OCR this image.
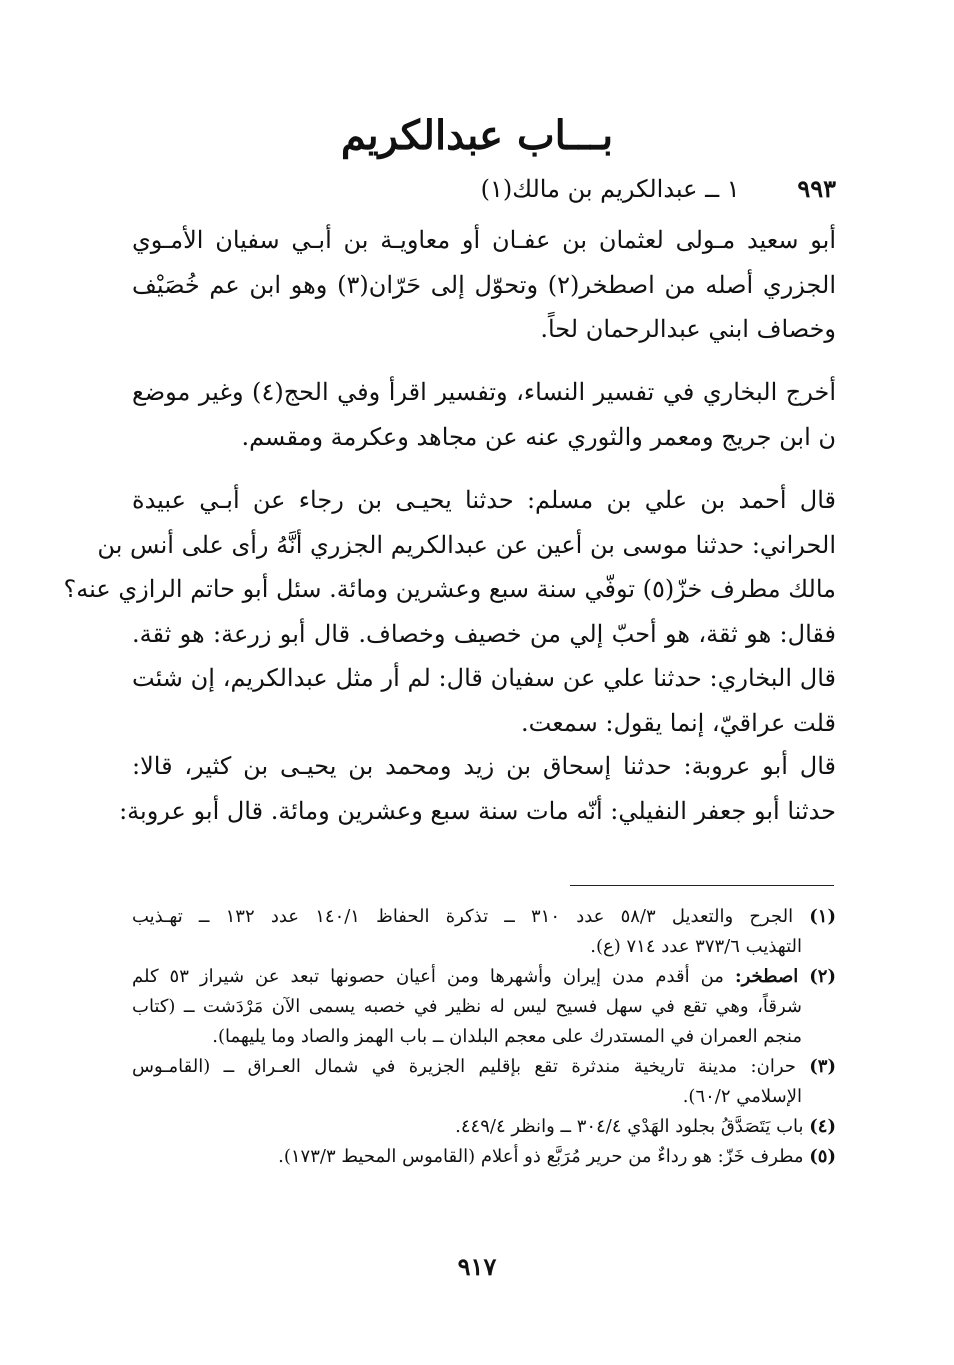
بـــاب عبدالكريم
٩٩٣ ١ ــ عبدالكريم بن مالك(١)
أبو سعيد مـولى لعثمان بن عفـان أو معاويـة بن أبـي سفيان الأمـوي
الجزري أصله من اصطخر(٢) وتحوّل إلى حَرّان(٣) وهو ابن عم خُصَيْف
وخصاف ابني عبدالرحمان لحاً.
أخرج البخاري في تفسير النساء، وتفسير اقرأ وفي الحج(٤) وغير موضع
ن ابن جريج ومعمر والثوري عنه عن مجاهد وعكرمة ومقسم.
قال أحمد بن علي بن مسلم: حدثنا يحيـى بن رجاء عن أبـي عبيدة
الحراني: حدثنا موسى بن أعين عن عبدالكريم الجزري أنَّهُ رأى على أنس بن
مالك مطرف خزّ(٥) توفّي سنة سبع وعشرين ومائة. سئل أبو حاتم الرازي عنه؟
فقال: هو ثقة، هو أحبّ إلي من خصيف وخصاف. قال أبو زرعة: هو ثقة.
قال البخاري: حدثنا علي عن سفيان قال: لم أر مثل عبدالكريم، إن شئت
قلت عراقيّ، إنما يقول: سمعت.
قال أبو عروبة: حدثنا إسحاق بن زيد ومحمد بن يحيـى بن كثير، قالا:
حدثنا أبو جعفر النفيلي: أنّه مات سنة سبع وعشرين ومائة. قال أبو عروبة:
(١) الجرح والتعديل ٥٨/٣ عدد ٣١٠ ــ تذكرة الحفاظ ١٤٠/١ عدد ١٣٢ ــ تهـذيب
التهذيب ٣٧٣/٦ عدد ٧١٤ (ع).
(٢) اصطخر: من أقدم مدن إيران وأشهرها ومن أعيان حصونها تبعد عن شيراز ٥٣ كلم
شرقاً، وهي تقع في سهل فسيح ليس له نظير في خصبه يسمى الآن مَرْدَشت ــ (كتاب
منجم العمران في المستدرك على معجم البلدان ــ باب الهمز والصاد وما يليهما).
(٣) حران: مدينة تاريخية مندثرة تقع بإقليم الجزيرة في شمال العـراق ــ (القامـوس
الإسلامي ٦٠/٢).
(٤) باب يَتَصَدَّقُ بجلود الهَدْي ٣٠٤/٤ ــ وانظر ٤٤٩/٤.
(٥) مطرف خَزّ: هو رداءٌ من حرير مُرَبَّع ذو أعلام (القاموس المحيط ١٧٣/٣).
٩١٧
